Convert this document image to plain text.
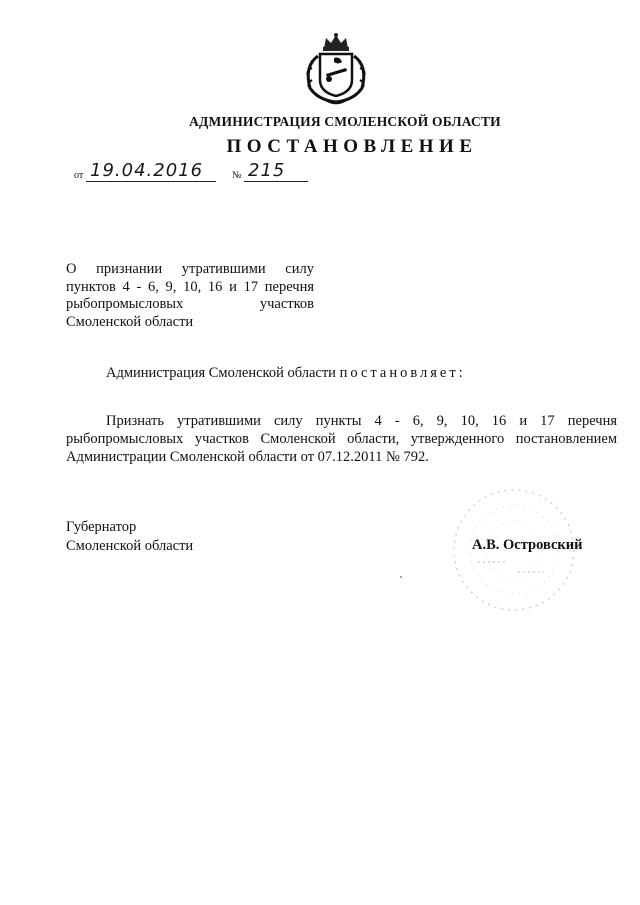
АДМИНИСТРАЦИЯ СМОЛЕНСКОЙ ОБЛАСТИ
ПОСТАНОВЛЕНИЕ
от 19.04.2016	№ 215
О признании утратившими силу
пунктов 4 - 6, 9, 10, 16 и 17 перечня
рыбопромысловых участков
Смоленской области
Администрация Смоленской области постановляет:
Признать утратившими силу пункты 4 - 6, 9, 10, 16 и 17 перечня
рыбопромысловых участков Смоленской области, утвержденного постановлением
Администрации Смоленской области от 07.12.2011 № 792.
Губернатор
Смоленской области	А.В. Островский
